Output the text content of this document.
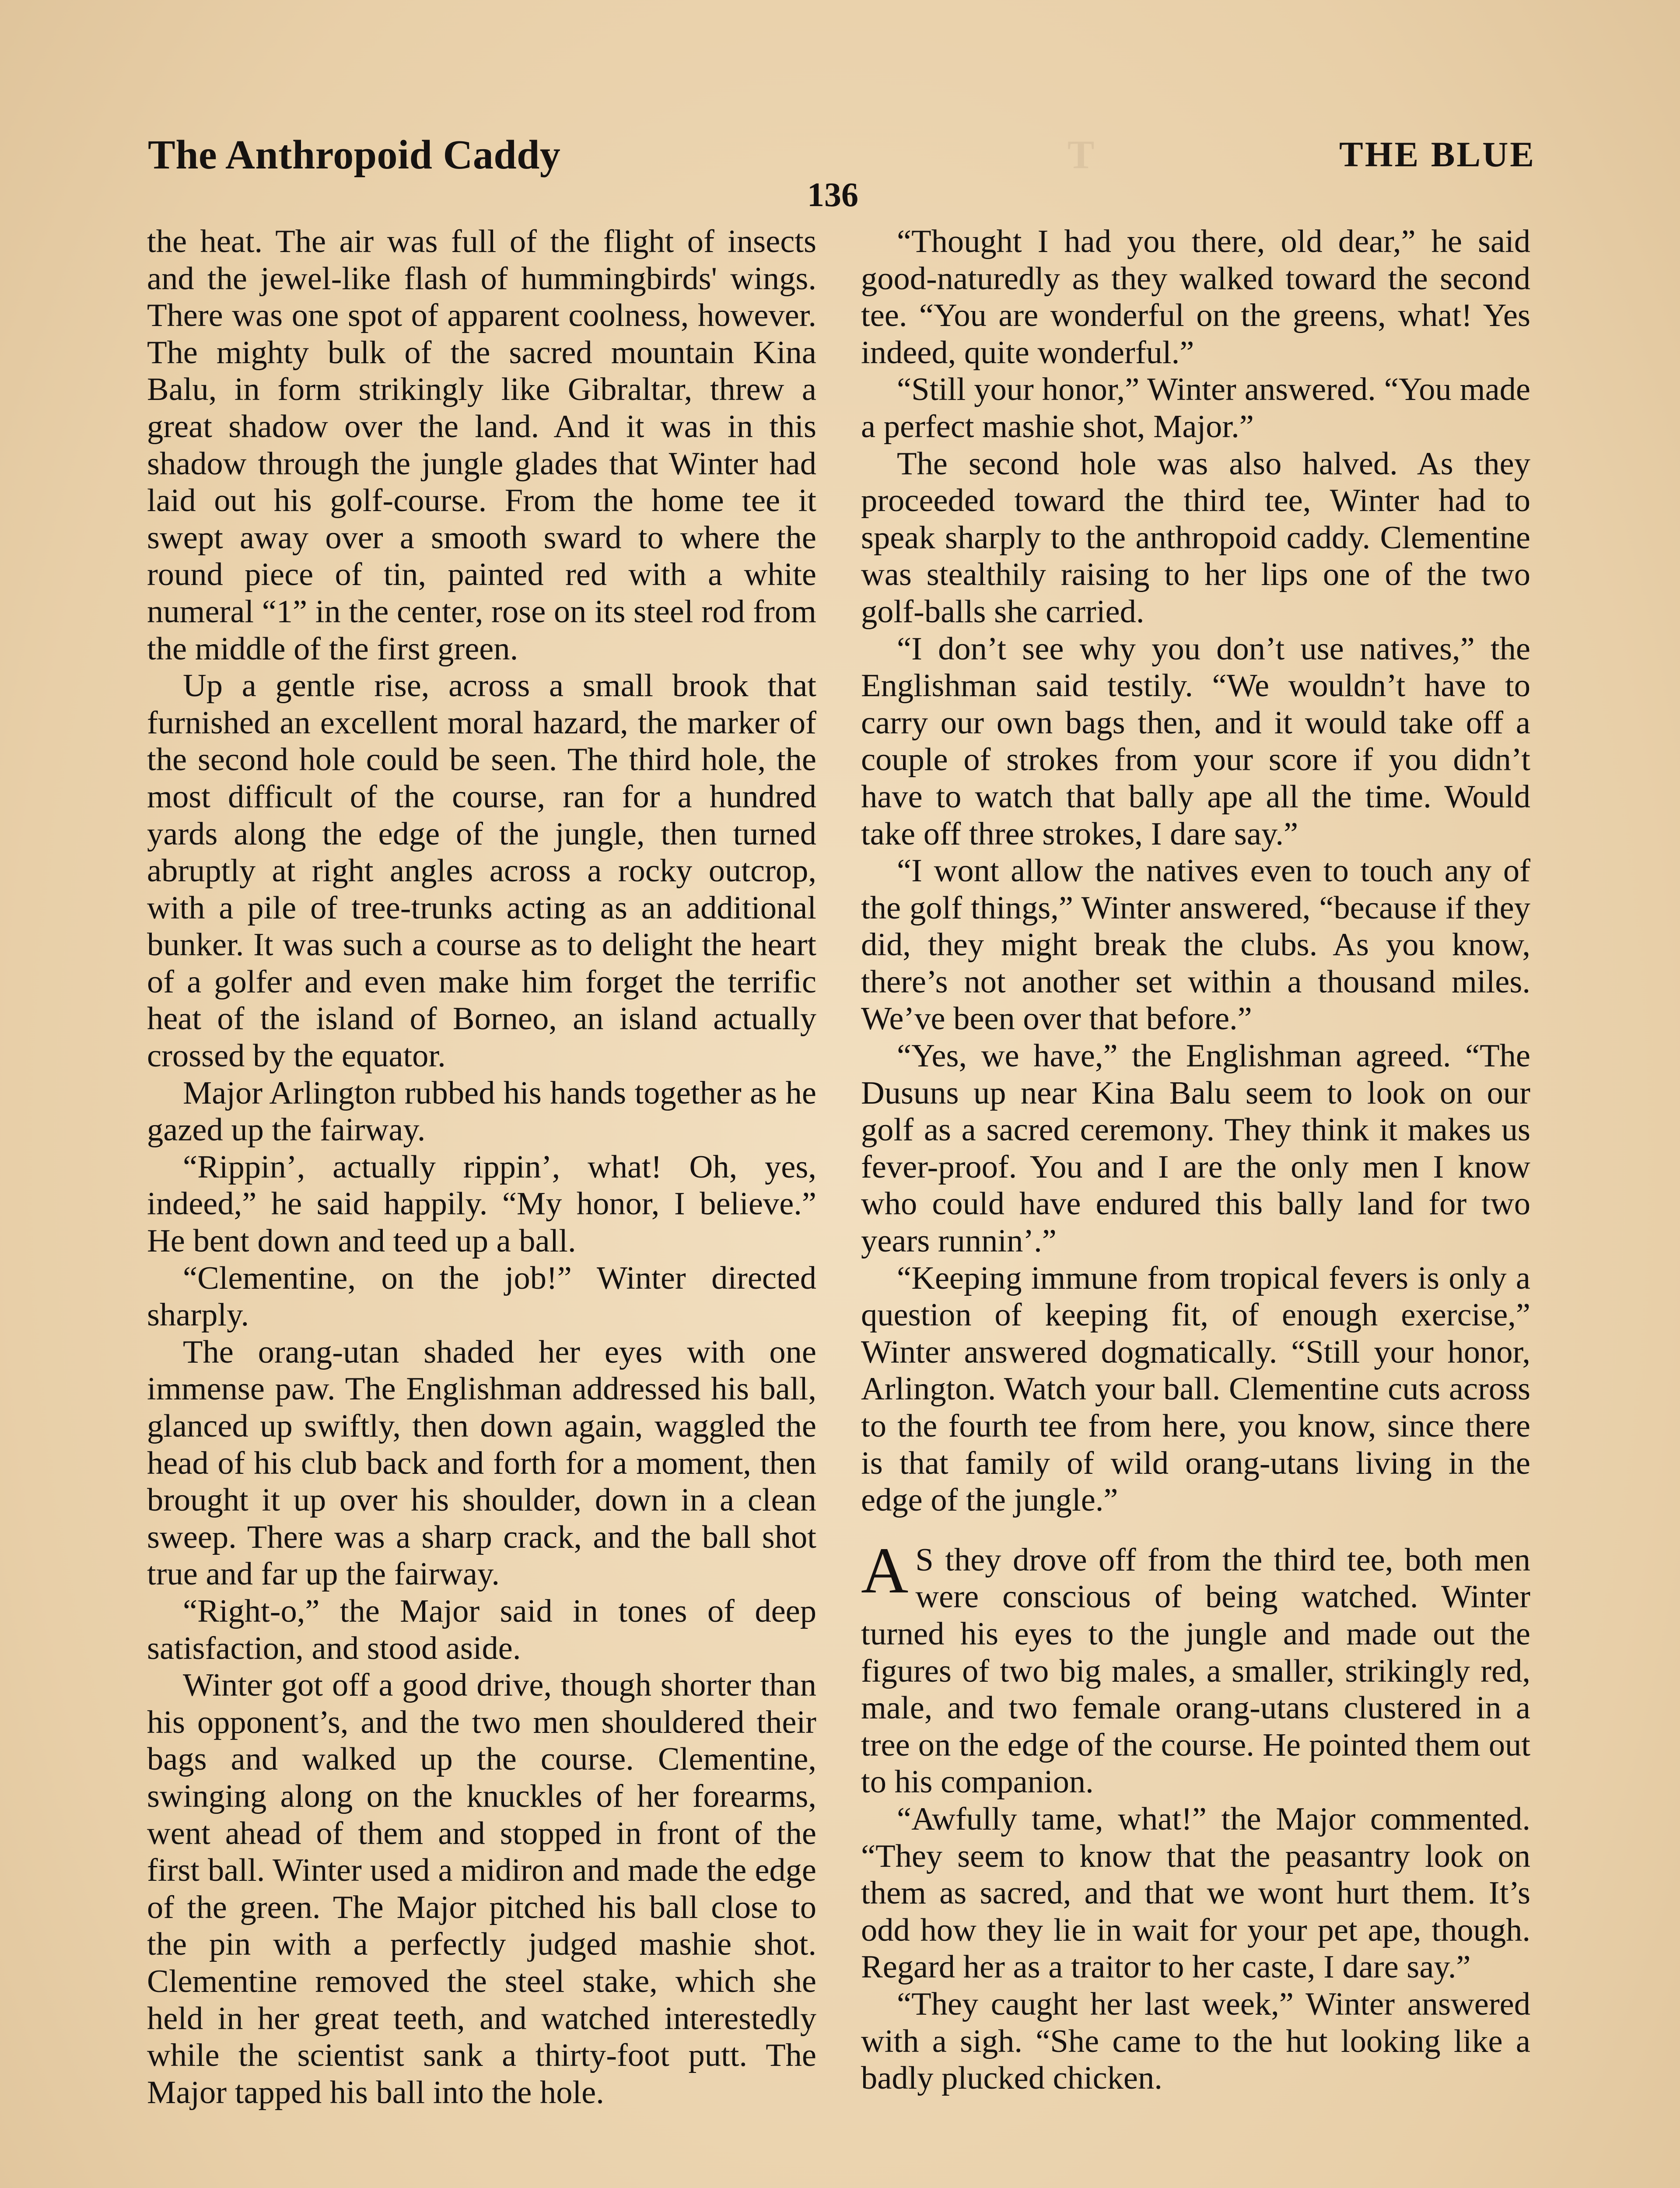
T
The Anthropoid Caddy	THE BLUE
136

the heat. The air was full of the flight of insects and the jewel-like flash of hummingbirds' wings. There was one spot of apparent coolness, however. The mighty bulk of the sacred mountain Kina Balu, in form strikingly like Gibraltar, threw a great shadow over the land. And it was in this shadow through the jungle glades that Winter had laid out his golf-course. From the home tee it swept away over a smooth sward to where the round piece of tin, painted red with a white numeral “1” in the center, rose on its steel rod from the middle of the first green.

Up a gentle rise, across a small brook that furnished an excellent moral hazard, the marker of the second hole could be seen. The third hole, the most difficult of the course, ran for a hundred yards along the edge of the jungle, then turned abruptly at right angles across a rocky outcrop, with a pile of tree-trunks acting as an additional bunker. It was such a course as to delight the heart of a golfer and even make him forget the terrific heat of the island of Borneo, an island actually crossed by the equator.

Major Arlington rubbed his hands together as he gazed up the fairway.

“Rippin’, actually rippin’, what! Oh, yes, indeed,” he said happily. “My honor, I believe.” He bent down and teed up a ball.

“Clementine, on the job!” Winter directed sharply.

The orang-utan shaded her eyes with one immense paw. The Englishman addressed his ball, glanced up swiftly, then down again, waggled the head of his club back and forth for a moment, then brought it up over his shoulder, down in a clean sweep. There was a sharp crack, and the ball shot true and far up the fairway.

“Right-o,” the Major said in tones of deep satisfaction, and stood aside.

Winter got off a good drive, though shorter than his opponent’s, and the two men shouldered their bags and walked up the course. Clementine, swinging along on the knuckles of her forearms, went ahead of them and stopped in front of the first ball. Winter used a midiron and made the edge of the green. The Major pitched his ball close to the pin with a perfectly judged mashie shot. Clementine removed the steel stake, which she held in her great teeth, and watched interestedly while the scientist sank a thirty-foot putt. The Major tapped his ball into the hole.

“Thought I had you there, old dear,” he said good-naturedly as they walked toward the second tee. “You are wonderful on the greens, what! Yes indeed, quite wonderful.”

“Still your honor,” Winter answered. “You made a perfect mashie shot, Major.”

The second hole was also halved. As they proceeded toward the third tee, Winter had to speak sharply to the anthropoid caddy. Clementine was stealthily raising to her lips one of the two golf-balls she carried.

“I don’t see why you don’t use natives,” the Englishman said testily. “We wouldn’t have to carry our own bags then, and it would take off a couple of strokes from your score if you didn’t have to watch that bally ape all the time. Would take off three strokes, I dare say.”

“I wont allow the natives even to touch any of the golf things,” Winter answered, “because if they did, they might break the clubs. As you know, there’s not another set within a thousand miles. We’ve been over that before.”

“Yes, we have,” the Englishman agreed. “The Dusuns up near Kina Balu seem to look on our golf as a sacred ceremony. They think it makes us fever-proof. You and I are the only men I know who could have endured this bally land for two years runnin’.”

“Keeping immune from tropical fevers is only a question of keeping fit, of enough exercise,” Winter answered dogmatically. “Still your honor, Arlington. Watch your ball. Clementine cuts across to the fourth tee from here, you know, since there is that family of wild orang-utans living in the edge of the jungle.”

A S they drove off from the third tee, both men were conscious of being watched. Winter turned his eyes to the jungle and made out the figures of two big males, a smaller, strikingly red, male, and two female orang-utans clustered in a tree on the edge of the course. He pointed them out to his companion.

“Awfully tame, what!” the Major commented. “They seem to know that the peasantry look on them as sacred, and that we wont hurt them. It’s odd how they lie in wait for your pet ape, though. Regard her as a traitor to her caste, I dare say.”

“They caught her last week,” Winter answered with a sigh. “She came to the hut looking like a badly plucked chicken.
